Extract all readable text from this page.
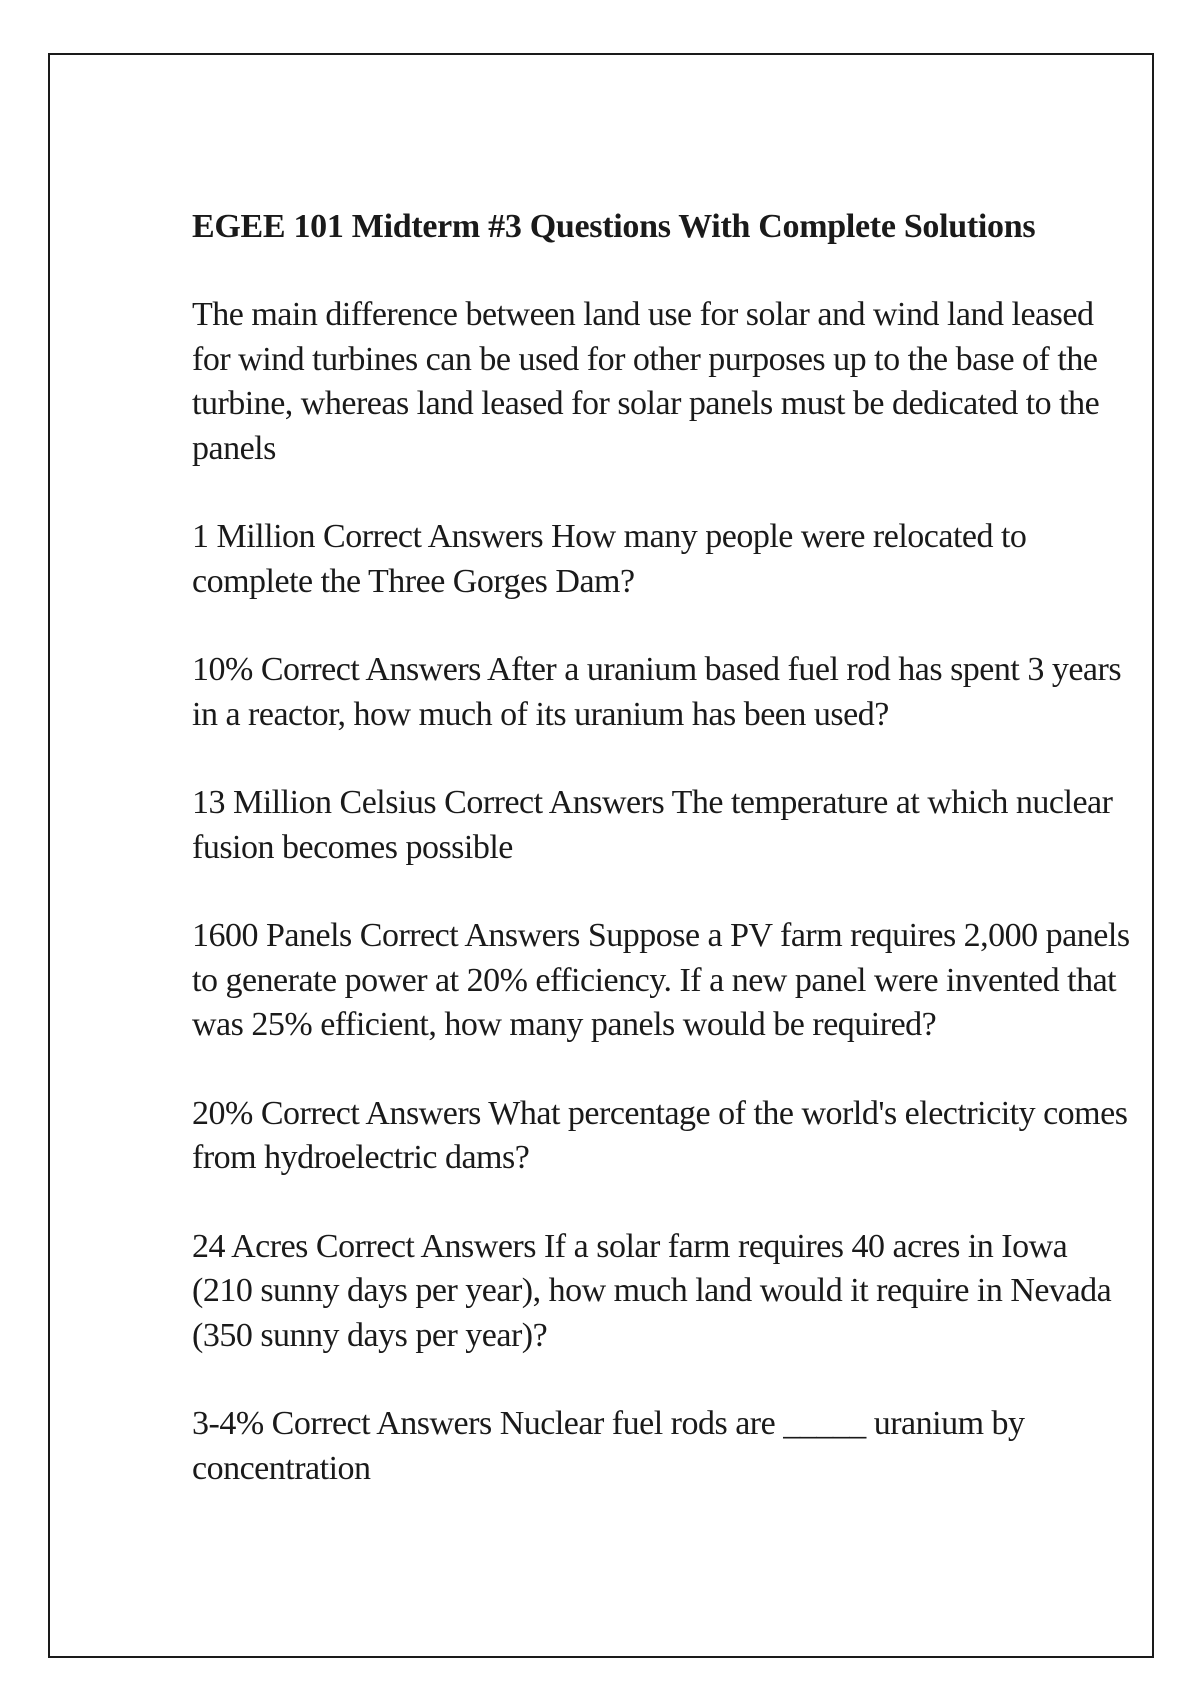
EGEE 101 Midterm #3 Questions With Complete Solutions

The main difference between land use for solar and wind land leased for wind turbines can be used for other purposes up to the base of the turbine, whereas land leased for solar panels must be dedicated to the panels

1 Million Correct Answers How many people were relocated to complete the Three Gorges Dam?

10% Correct Answers After a uranium based fuel rod has spent 3 years in a reactor, how much of its uranium has been used?

13 Million Celsius Correct Answers The temperature at which nuclear fusion becomes possible

1600 Panels Correct Answers Suppose a PV farm requires 2,000 panels to generate power at 20% efficiency. If a new panel were invented that was 25% efficient, how many panels would be required?

20% Correct Answers What percentage of the world's electricity comes from hydroelectric dams?

24 Acres Correct Answers If a solar farm requires 40 acres in Iowa (210 sunny days per year), how much land would it require in Nevada (350 sunny days per year)?

3-4% Correct Answers Nuclear fuel rods are _____ uranium by concentration
